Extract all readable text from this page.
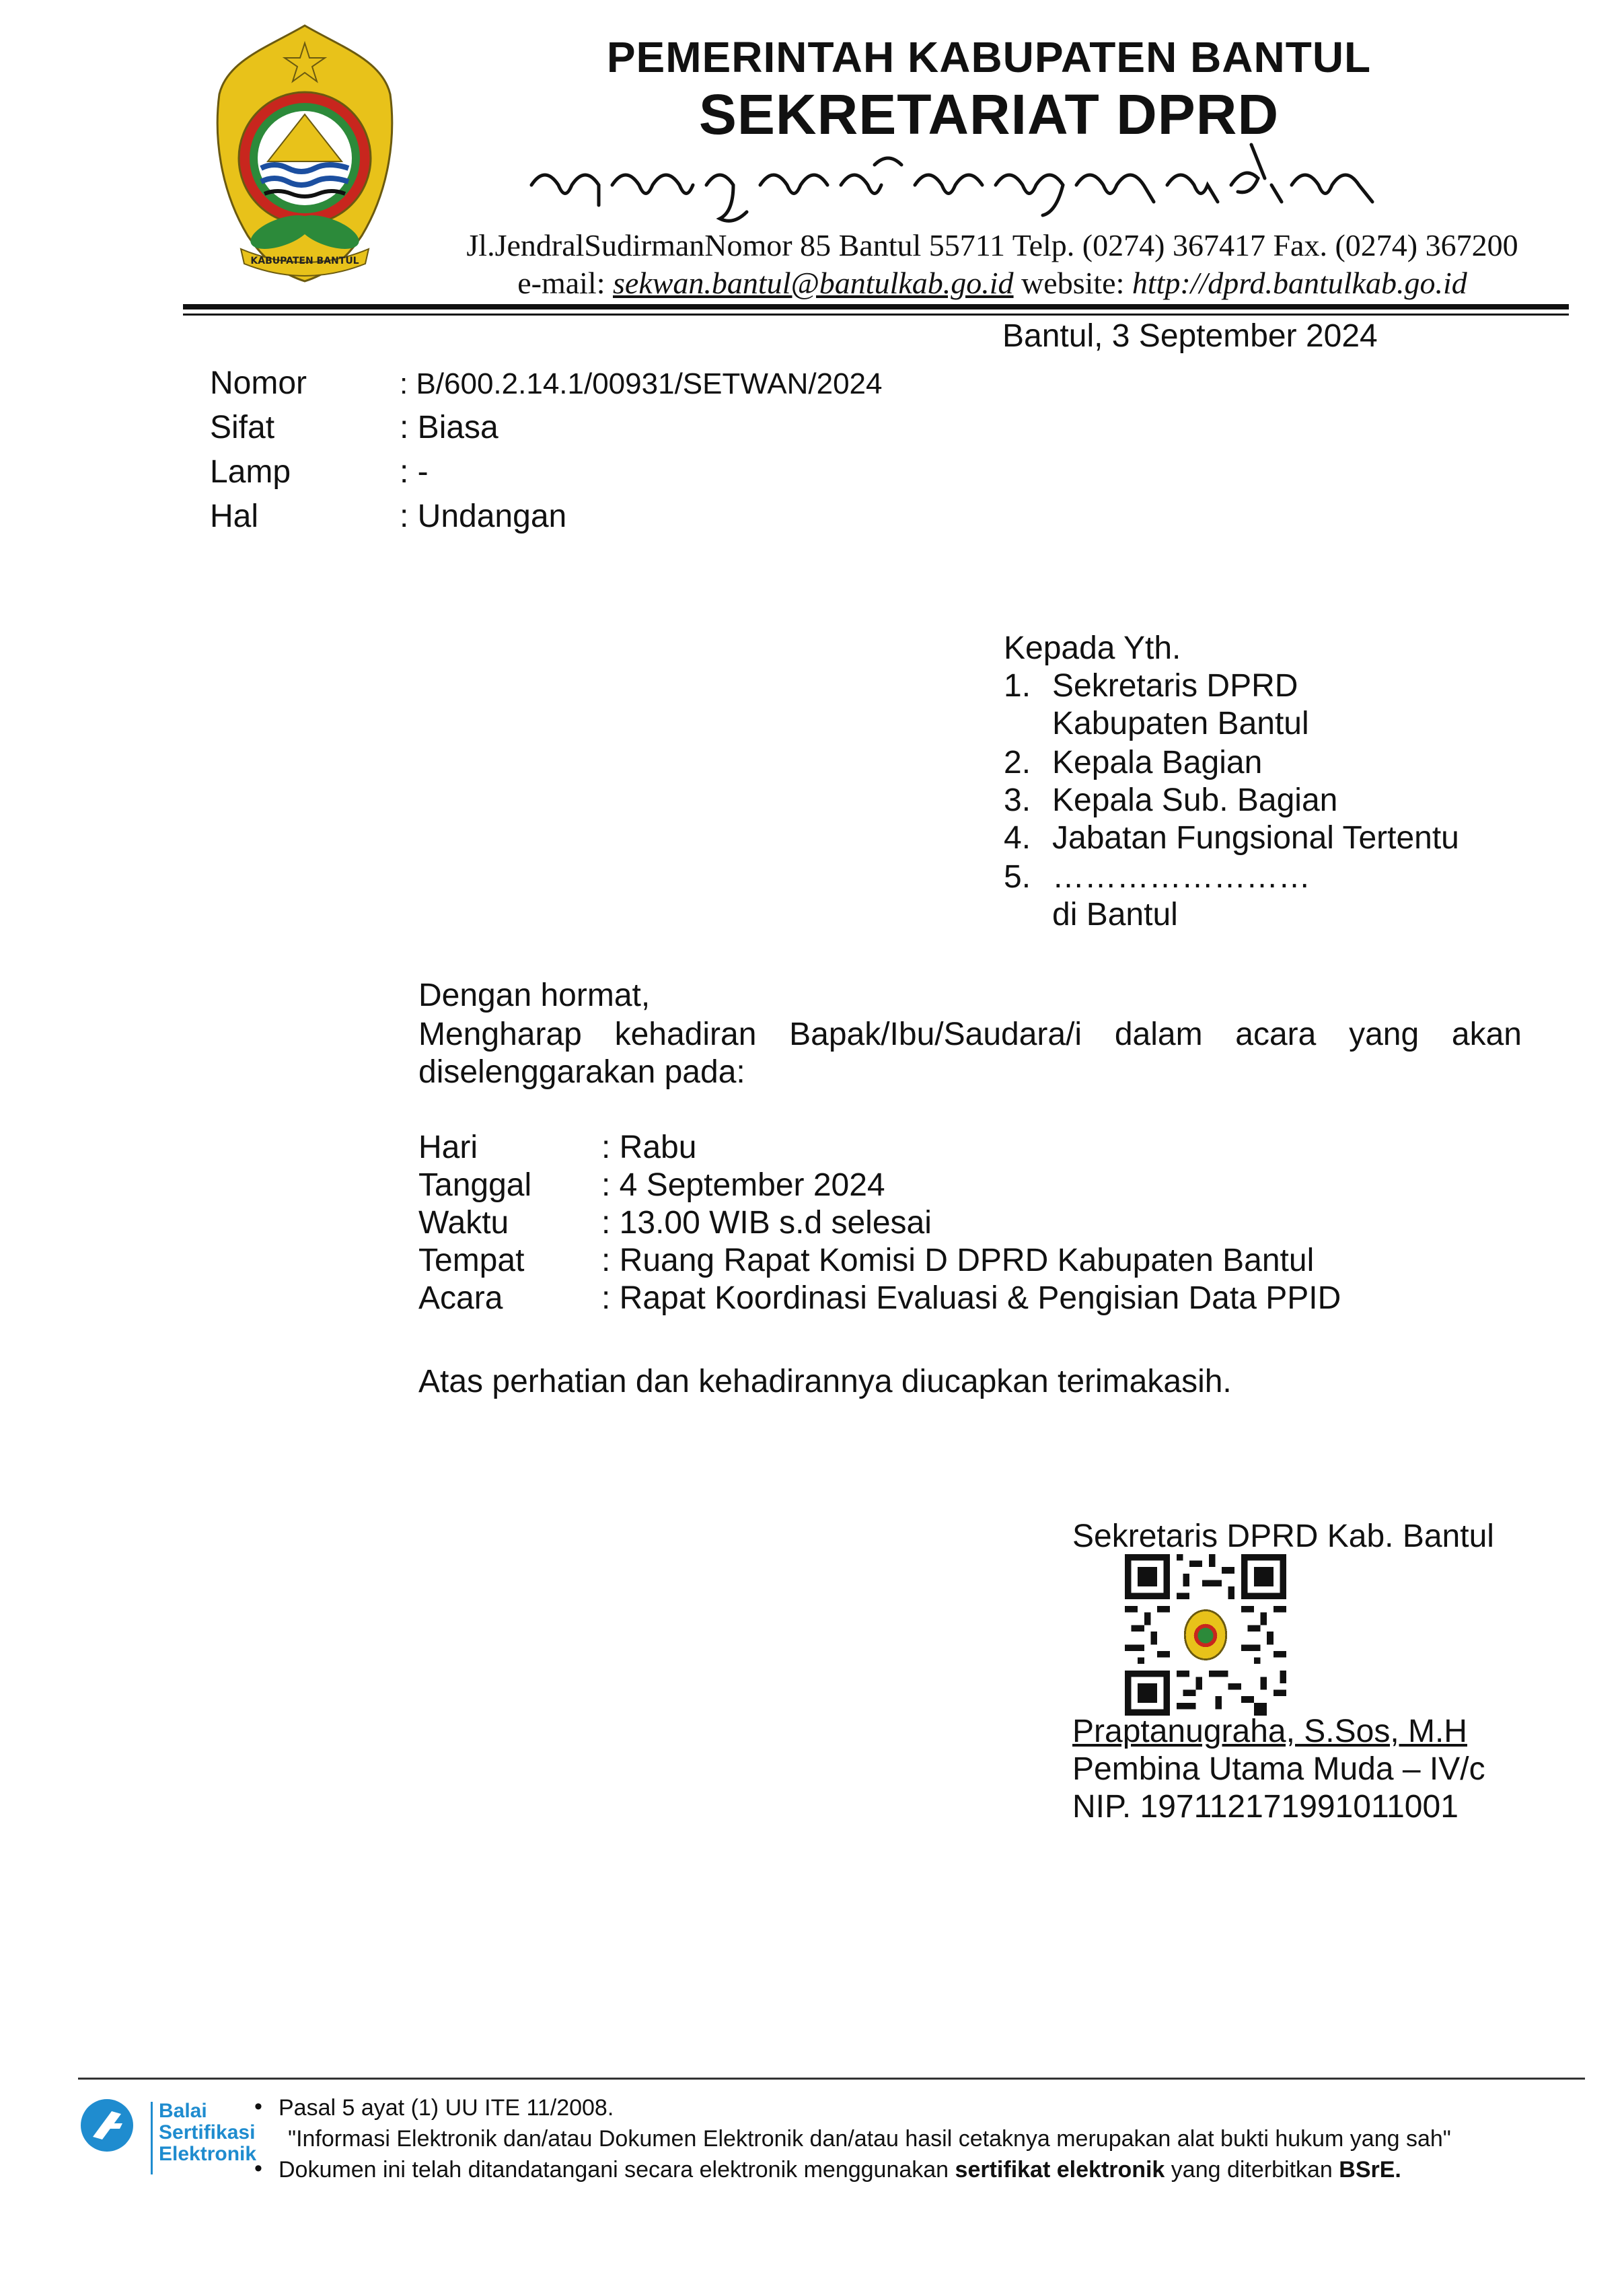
KABUPATEN BANTUL
PEMERINTAH KABUPATEN BANTUL
SEKRETARIAT DPRD
ꦥꦼꦩꦼꦫꦶꦤ꧀ꦠꦃꦏꦧꦸꦥꦠꦺꦤ꧀ꦧꦤ꧀ꦠꦸꦭ꧀
Jl.JendralSudirmanNomor 85 Bantul 55711 Telp. (0274) 367417 Fax. (0274) 367200
e-mail: sekwan.bantul@bantulkab.go.id website: http://dprd.bantulkab.go.id
Bantul, 3 September 2024
Nomor	: B/600.2.14.1/00931/SETWAN/2024
Sifat	: Biasa
Lamp	: -
Hal	: Undangan
Kepada Yth.
1. Sekretaris DPRD
Kabupaten Bantul
2. Kepala Bagian
3. Kepala Sub. Bagian
4. Jabatan Fungsional Tertentu
5. ……………………
di Bantul
Dengan hormat,
Mengharap kehadiran Bapak/Ibu/Saudara/i dalam acara yang akan
diselenggarakan pada:
Hari	: Rabu
Tanggal : 4 September 2024
Waktu	: 13.00 WIB s.d selesai
Tempat : Ruang Rapat Komisi D DPRD Kabupaten Bantul
Acara	: Rapat Koordinasi Evaluasi & Pengisian Data PPID
Atas perhatian dan kehadirannya diucapkan terimakasih.
Sekretaris DPRD Kab. Bantul
Praptanugraha, S.Sos, M.H
Pembina Utama Muda – IV/c
NIP. 197112171991011001
Balai
Sertifikasi
Elektronik
• Pasal 5 ayat (1) UU ITE 11/2008.
"Informasi Elektronik dan/atau Dokumen Elektronik dan/atau hasil cetaknya merupakan alat bukti hukum yang sah"
• Dokumen ini telah ditandatangani secara elektronik menggunakan sertifikat elektronik yang diterbitkan BSrE.
